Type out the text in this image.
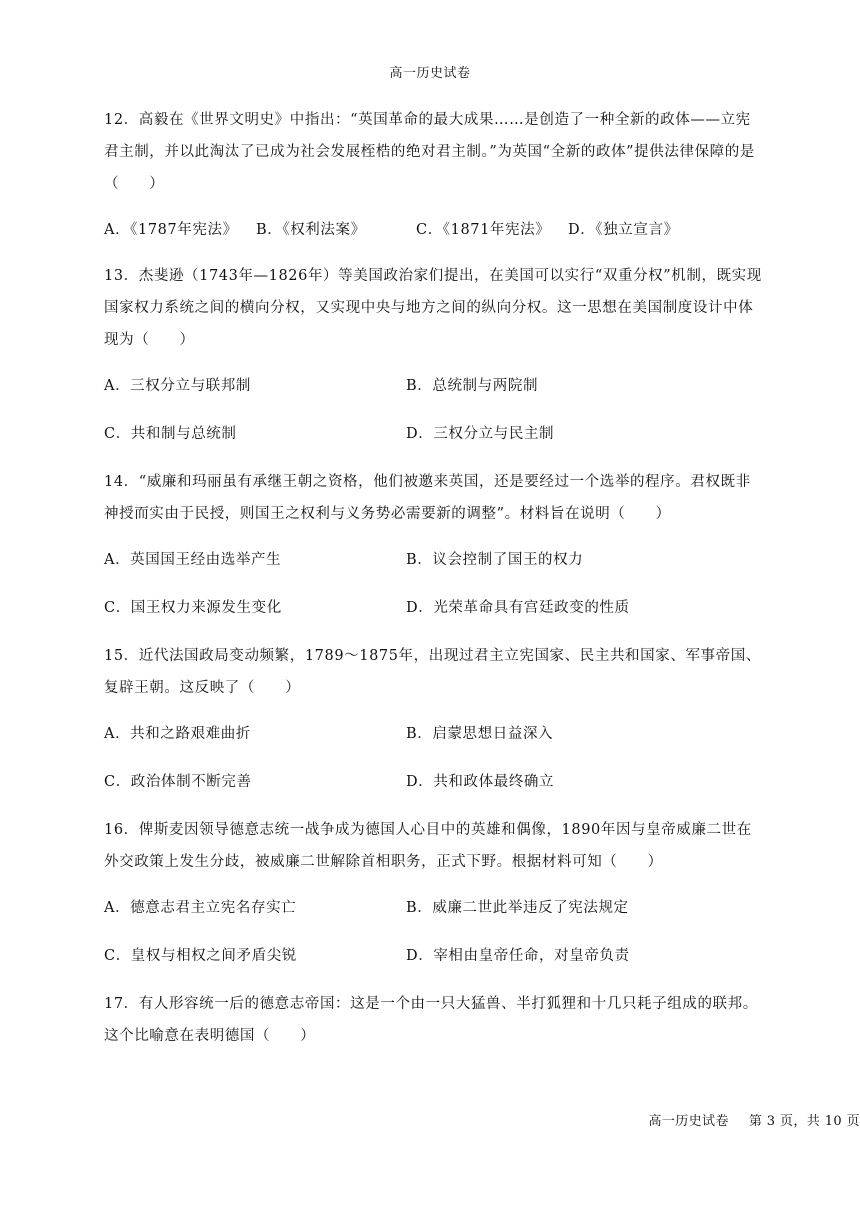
高一历史试卷

12．高毅在《世界文明史》中指出：“英国革命的最大成果……是创造了一种全新的政体——立宪君主制，并以此淘汰了已成为社会发展桎梏的绝对君主制。”为英国“全新的政体”提供法律保障的是（　　）

A．《1787年宪法》	B．《权利法案》	C．《1871年宪法》	D．《独立宣言》

13．杰斐逊（1743年—1826年）等美国政治家们提出，在美国可以实行“双重分权”机制，既实现国家权力系统之间的横向分权，又实现中央与地方之间的纵向分权。这一思想在美国制度设计中体现为（　　）

A．三权分立与联邦制	B．总统制与两院制
C．共和制与总统制	D．三权分立与民主制

14．“威廉和玛丽虽有承继王朝之资格，他们被邀来英国，还是要经过一个选举的程序。君权既非神授而实由于民授，则国王之权利与义务势必需要新的调整”。材料旨在说明（　　）

A．英国国王经由选举产生	B．议会控制了国王的权力
C．国王权力来源发生变化	D．光荣革命具有宫廷政变的性质

15．近代法国政局变动频繁，1789～1875年，出现过君主立宪国家、民主共和国家、军事帝国、复辟王朝。这反映了（　　）

A．共和之路艰难曲折	B．启蒙思想日益深入
C．政治体制不断完善	D．共和政体最终确立

16．俾斯麦因领导德意志统一战争成为德国人心目中的英雄和偶像，1890年因与皇帝威廉二世在外交政策上发生分歧，被威廉二世解除首相职务，正式下野。根据材料可知（　　）

A．德意志君主立宪名存实亡	B．威廉二世此举违反了宪法规定
C．皇权与相权之间矛盾尖锐	D．宰相由皇帝任命，对皇帝负责

17．有人形容统一后的德意志帝国：这是一个由一只大猛兽、半打狐狸和十几只耗子组成的联邦。这个比喻意在表明德国（　　）

高一历史试卷 第 3 页，共 10 页
